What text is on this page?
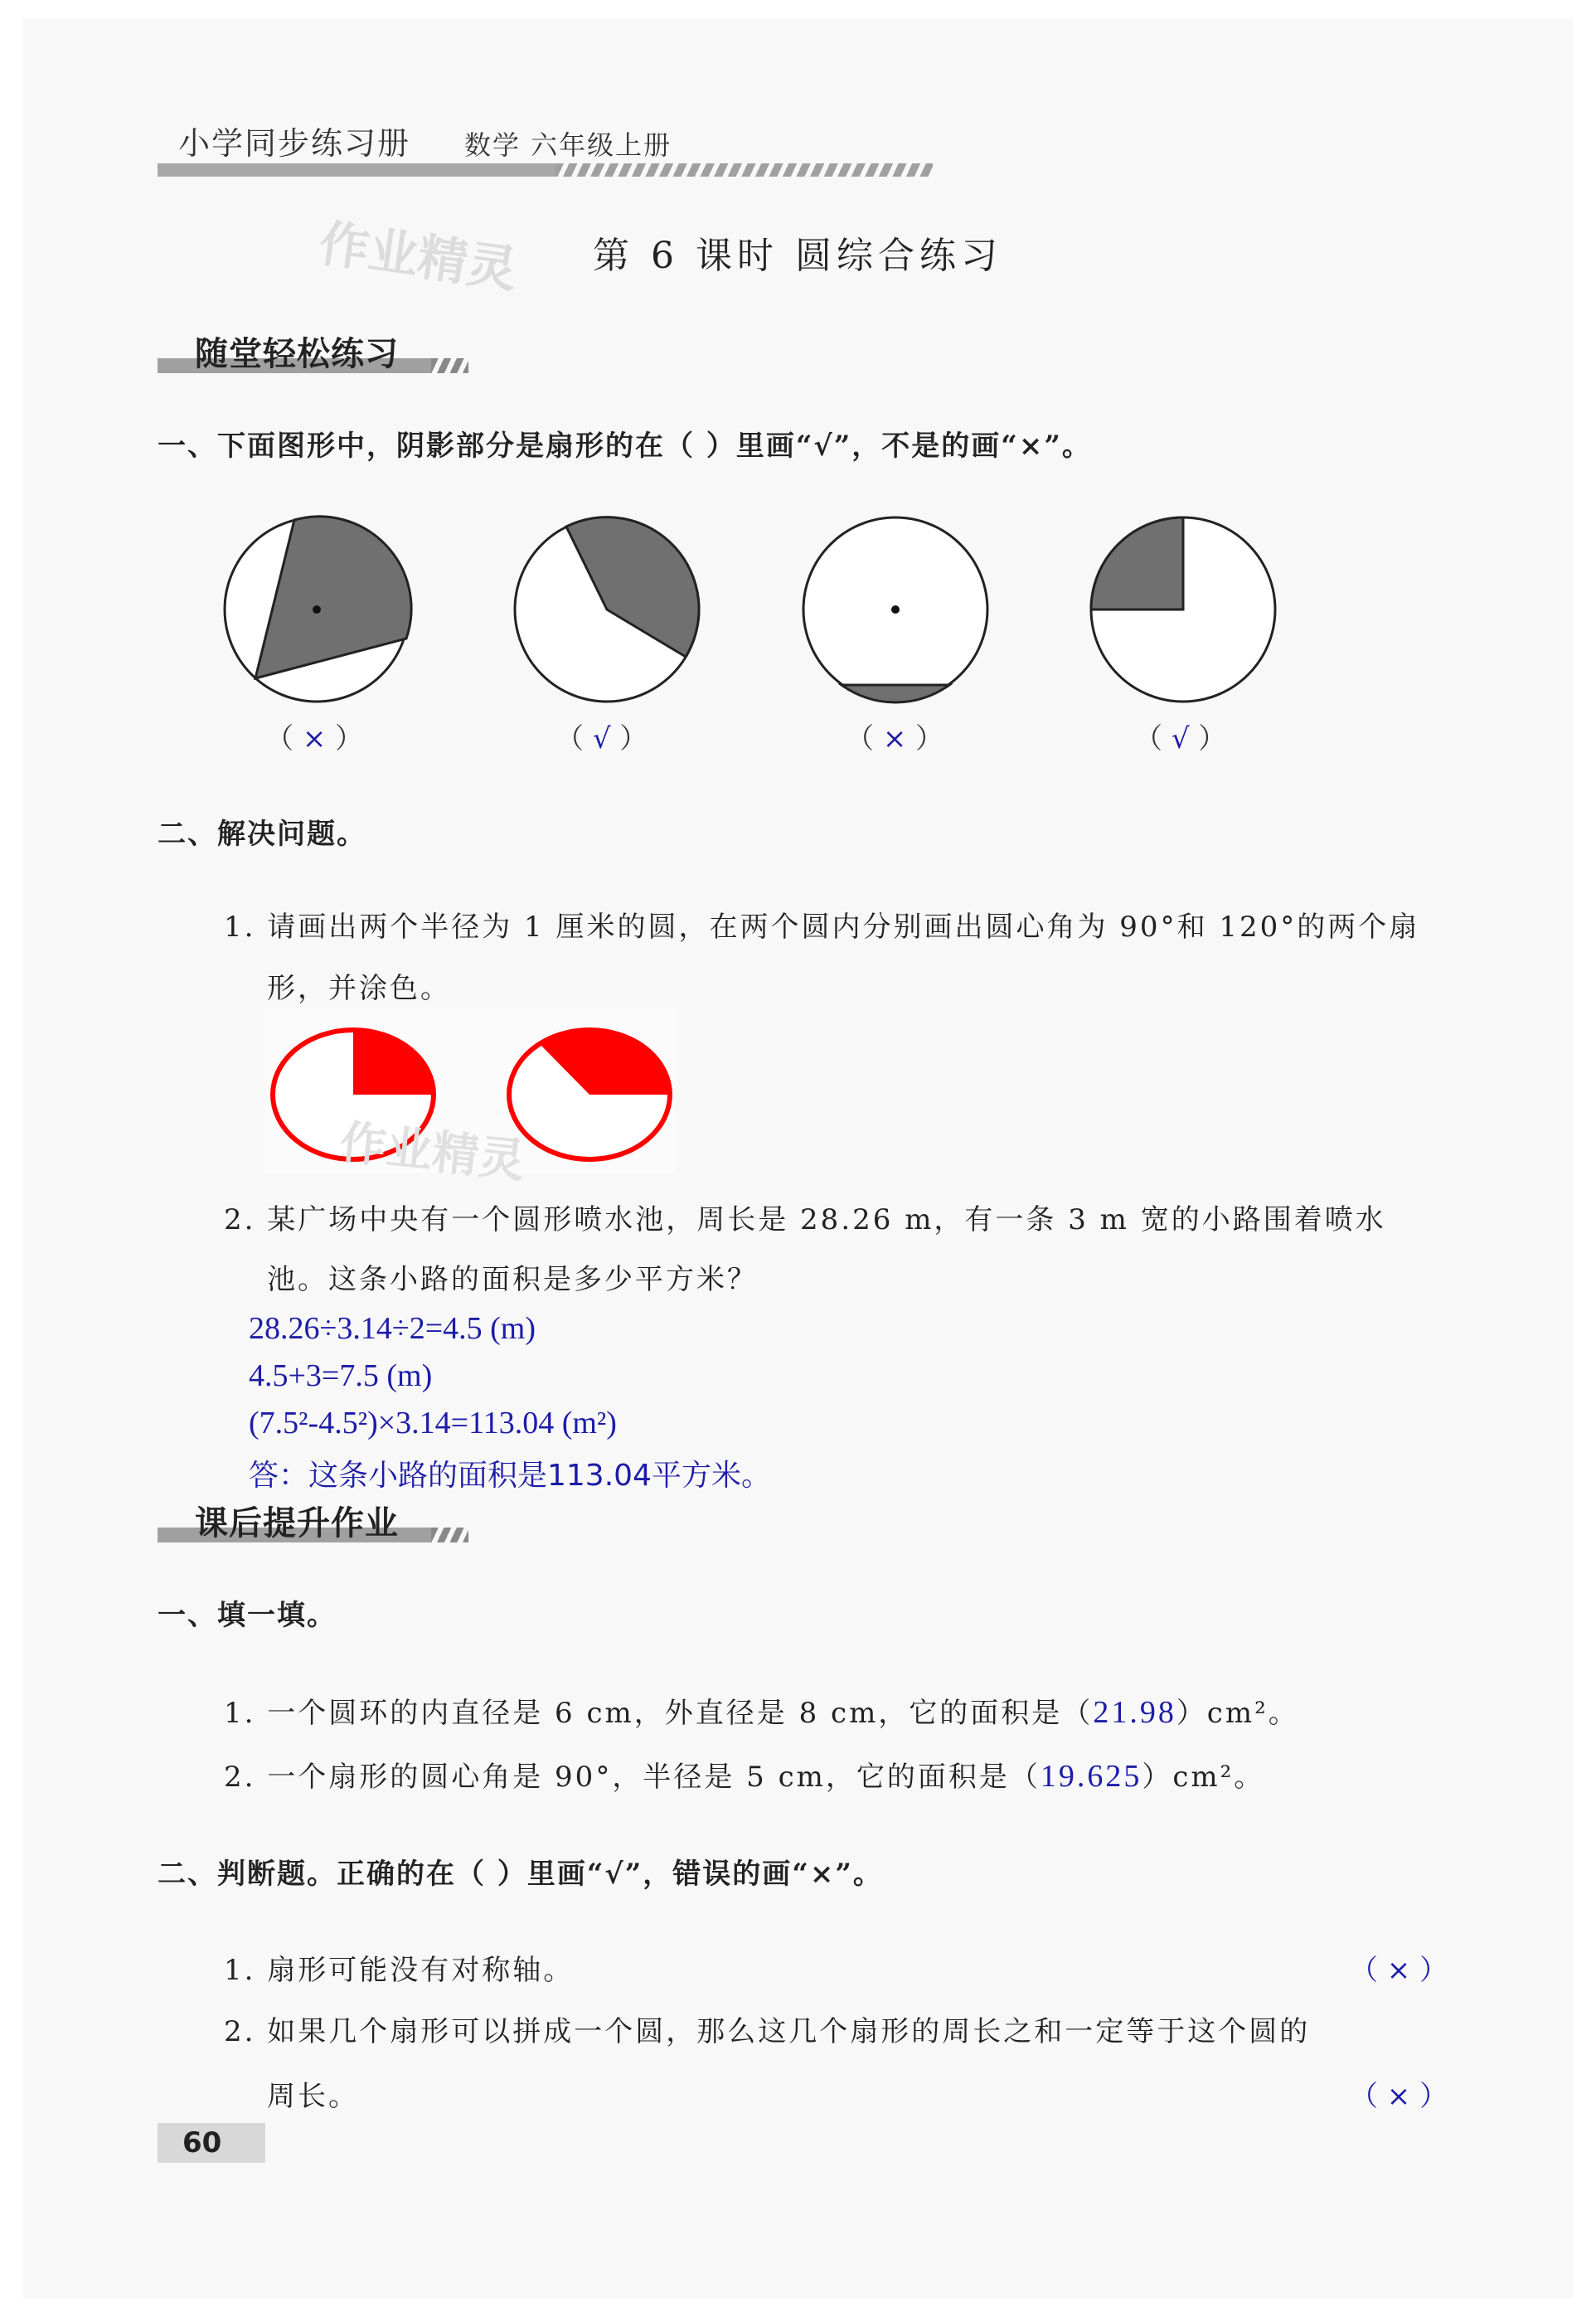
小学同步练习册 数学 六年级上册
作业精灵 第 6 课时 圆综合练习
随堂轻松练习
一、下面图形中，阴影部分是扇形的在（ ）里画“√”，不是的画“×”。
（ × ）	（ √ ）	（ × ）	（ √ ）
二、解决问题。
1. 请画出两个半径为 1 厘米的圆，在两个圆内分别画出圆心角为 90°和 120°的两个扇
形，并涂色。
作业精灵
2. 某广场中央有一个圆形喷水池，周长是 28.26 m，有一条 3 m 宽的小路围着喷水
池。这条小路的面积是多少平方米？
28.26÷3.14÷2=4.5 (m)
4.5+3=7.5 (m)
(7.5²-4.5²)×3.14=113.04 (m²)
答：这条小路的面积是113.04平方米。
课后提升作业
一、填一填。
1. 一个圆环的内直径是 6 cm，外直径是 8 cm，它的面积是（21.98）cm²。
2. 一个扇形的圆心角是 90°，半径是 5 cm，它的面积是（19.625）cm²。
二、判断题。正确的在（ ）里画“√”，错误的画“×”。
1. 扇形可能没有对称轴。	（ × ）
2. 如果几个扇形可以拼成一个圆，那么这几个扇形的周长之和一定等于这个圆的
周长。	（ × ）
60
